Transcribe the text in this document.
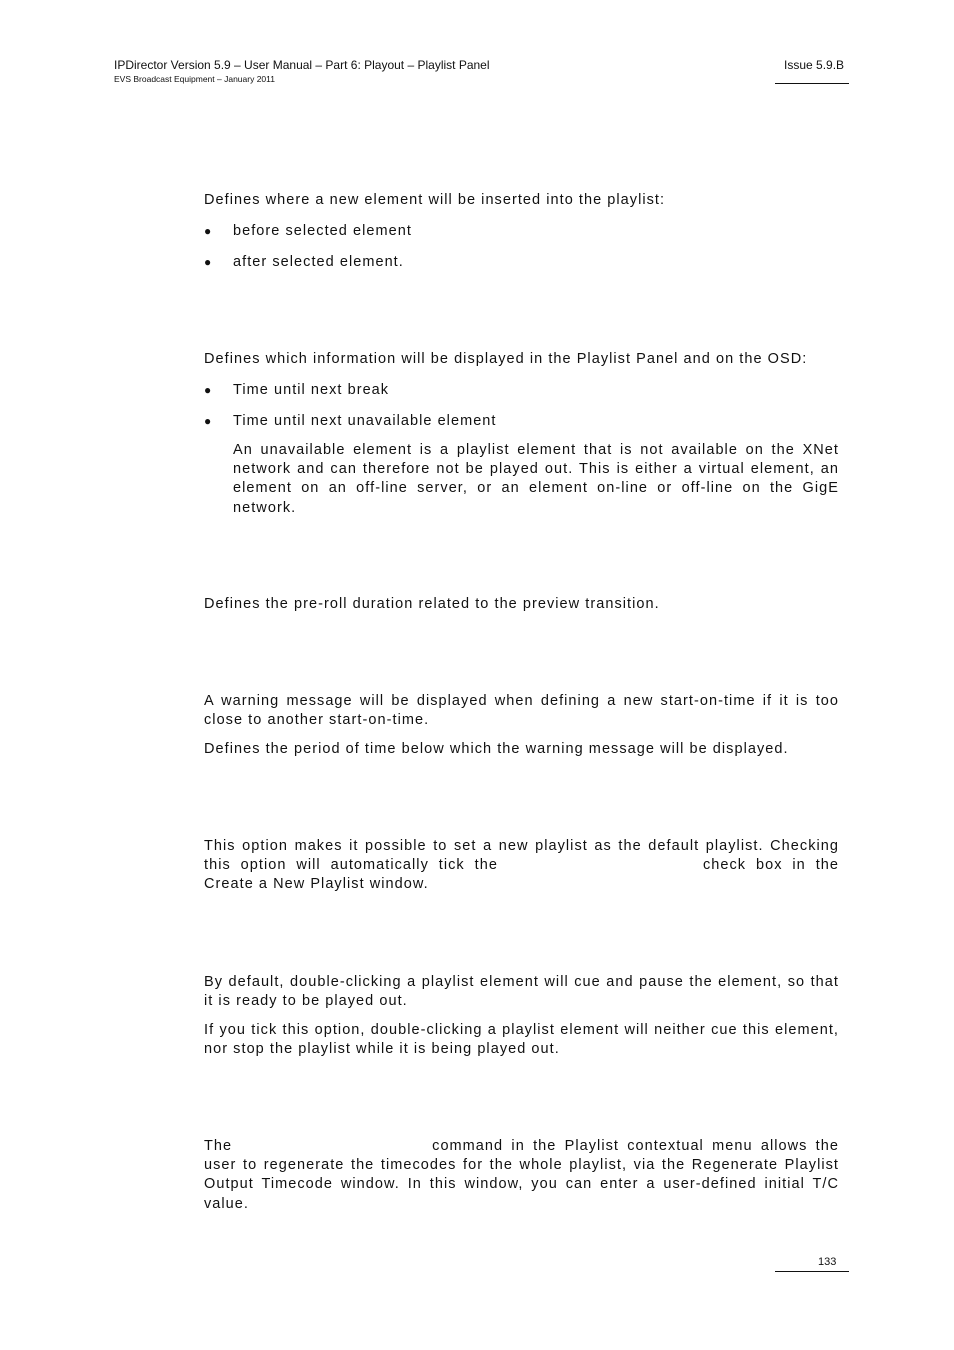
IPDirector Version 5.9 – User Manual – Part 6: Playout – Playlist Panel
EVS Broadcast Equipment – January 2011
Issue 5.9.B

Defines where a new element will be inserted into the playlist:

●	before selected element
●	after selected element.

Defines which information will be displayed in the Playlist Panel and on the OSD:

●	Time until next break
●	Time until next unavailable element

An unavailable element is a playlist element that is not available on the XNet network and can therefore not be played out. This is either a virtual element, an element on an off-line server, or an element on-line or off-line on the GigE network.

Defines the pre-roll duration related to the preview transition.

A warning message will be displayed when defining a new start-on-time if it is too close to another start-on-time.

Defines the period of time below which the warning message will be displayed.

This option makes it possible to set a new playlist as the default playlist. Checking this option will automatically tick the	check box in the Create a New Playlist window.

By default, double-clicking a playlist element will cue and pause the element, so that it is ready to be played out.

If you tick this option, double-clicking a playlist element will neither cue this element, nor stop the playlist while it is being played out.

The	command in the Playlist contextual menu allows the user to regenerate the timecodes for the whole playlist, via the Regenerate Playlist Output Timecode window. In this window, you can enter a user-defined initial T/C value.

133
